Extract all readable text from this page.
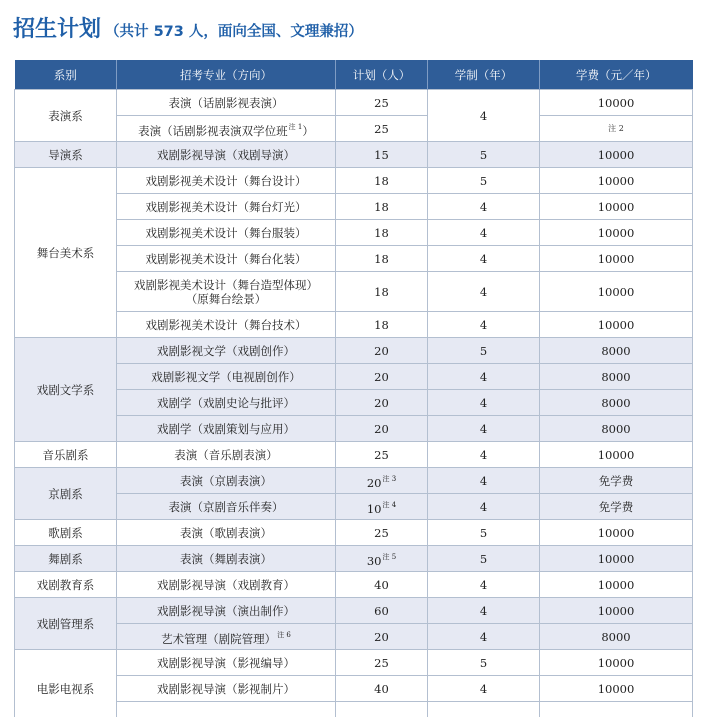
招生计划 （共计 573 人，面向全国、文理兼招）
系别	招考专业（方向）	计划（人）	学制（年）	学费（元／年）
表演系	表演（话剧影视表演）	25	4	10000
	表演（话剧影视表演双学位班$^{注 1}$）	25		注 2
导演系	戏剧影视导演（戏剧导演）	15	5	10000
舞台美术系	戏剧影视美术设计（舞台设计）	18	5	10000
	戏剧影视美术设计（舞台灯光）	18	4	10000
	戏剧影视美术设计（舞台服装）	18	4	10000
	戏剧影视美术设计（舞台化装）	18	4	10000
	戏剧影视美术设计（舞台造型体现）（原舞台绘景）	18	4	10000
	戏剧影视美术设计（舞台技术）	18	4	10000
戏剧文学系	戏剧影视文学（戏剧创作）	20	5	8000
	戏剧影视文学（电视剧创作）	20	4	8000
	戏剧学（戏剧史论与批评）	20	4	8000
	戏剧学（戏剧策划与应用）	20	4	8000
音乐剧系	表演（音乐剧表演）	25	4	10000
京剧系	表演（京剧表演）	$20^{注 3}$	4	免学费
	表演（京剧音乐伴奏）	$10^{注 4}$	4	免学费
歌剧系	表演（歌剧表演）	25	5	10000
舞剧系	表演（舞剧表演）	$30^{注 5}$	5	10000
戏剧教育系	戏剧影视导演（戏剧教育）	40	4	10000
戏剧管理系	戏剧影视导演（演出制作）	60	4	10000
	艺术管理（剧院管理）$^{注 6}$	20	4	8000
电影电视系	戏剧影视导演（影视编导）	25	5	10000
	戏剧影视导演（影视制片）	40	4	10000
